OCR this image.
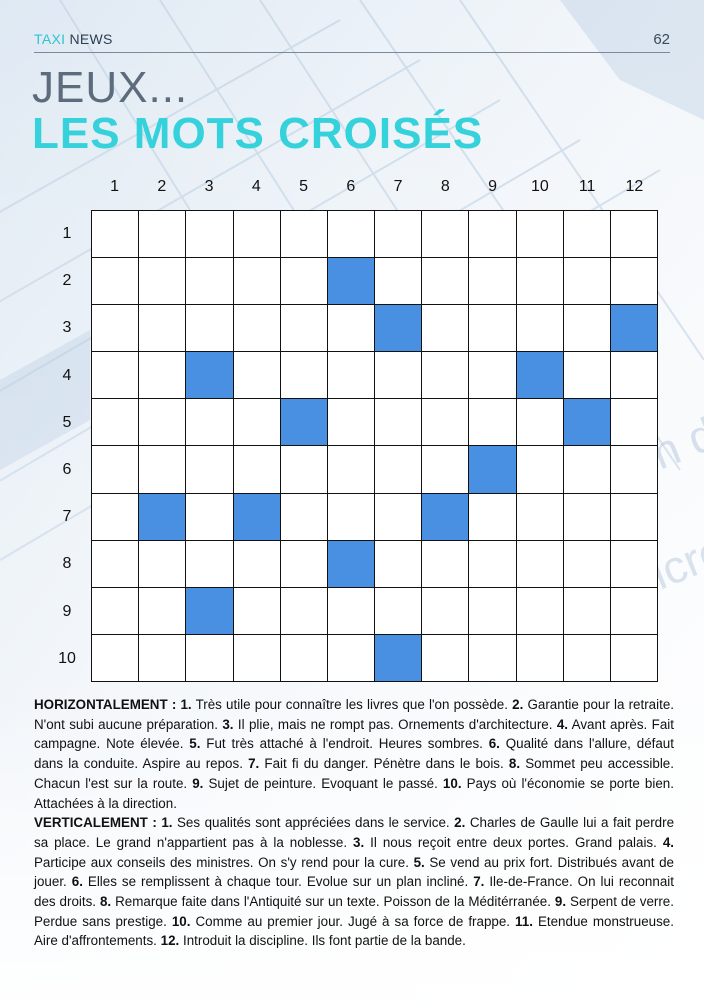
TAXI NEWS	62
JEUX...
LES MOTS CROISÉS
1	2	3	4	5	6	7	8	9	10	11	12
1
2
3
4
5
6
7
8
9
10

HORIZONTALEMENT : 1. Très utile pour connaître les livres que l'on possède. 2. Garantie pour la retraite. N'ont subi aucune préparation. 3. Il plie, mais ne rompt pas. Ornements d'architecture. 4. Avant après. Fait campagne. Note élevée. 5. Fut très attaché à l'endroit. Heures sombres. 6. Qualité dans l'allure, défaut dans la conduite. Aspire au repos. 7. Fait fi du danger. Pénètre dans le bois. 8. Sommet peu accessible. Chacun l'est sur la route. 9. Sujet de peinture. Evoquant le passé. 10. Pays où l'économie se porte bien. Attachées à la direction.

VERTICALEMENT : 1. Ses qualités sont appréciées dans le service. 2. Charles de Gaulle lui a fait perdre sa place. Le grand n'appartient pas à la noblesse. 3. Il nous reçoit entre deux portes. Grand palais. 4. Participe aux conseils des ministres. On s'y rend pour la cure. 5. Se vend au prix fort. Distribués avant de jouer. 6. Elles se remplissent à chaque tour. Evolue sur un plan incliné. 7. Ile-de-France. On lui reconnait des droits. 8. Remarque faite dans l'Antiquité sur un texte. Poisson de la Méditérranée. 9. Serpent de verre. Perdue sans prestige. 10. Comme au premier jour. Jugé à sa force de frappe. 11. Etendue monstrueuse. Aire d'affrontements. 12. Introduit la discipline. Ils font partie de la bande.
